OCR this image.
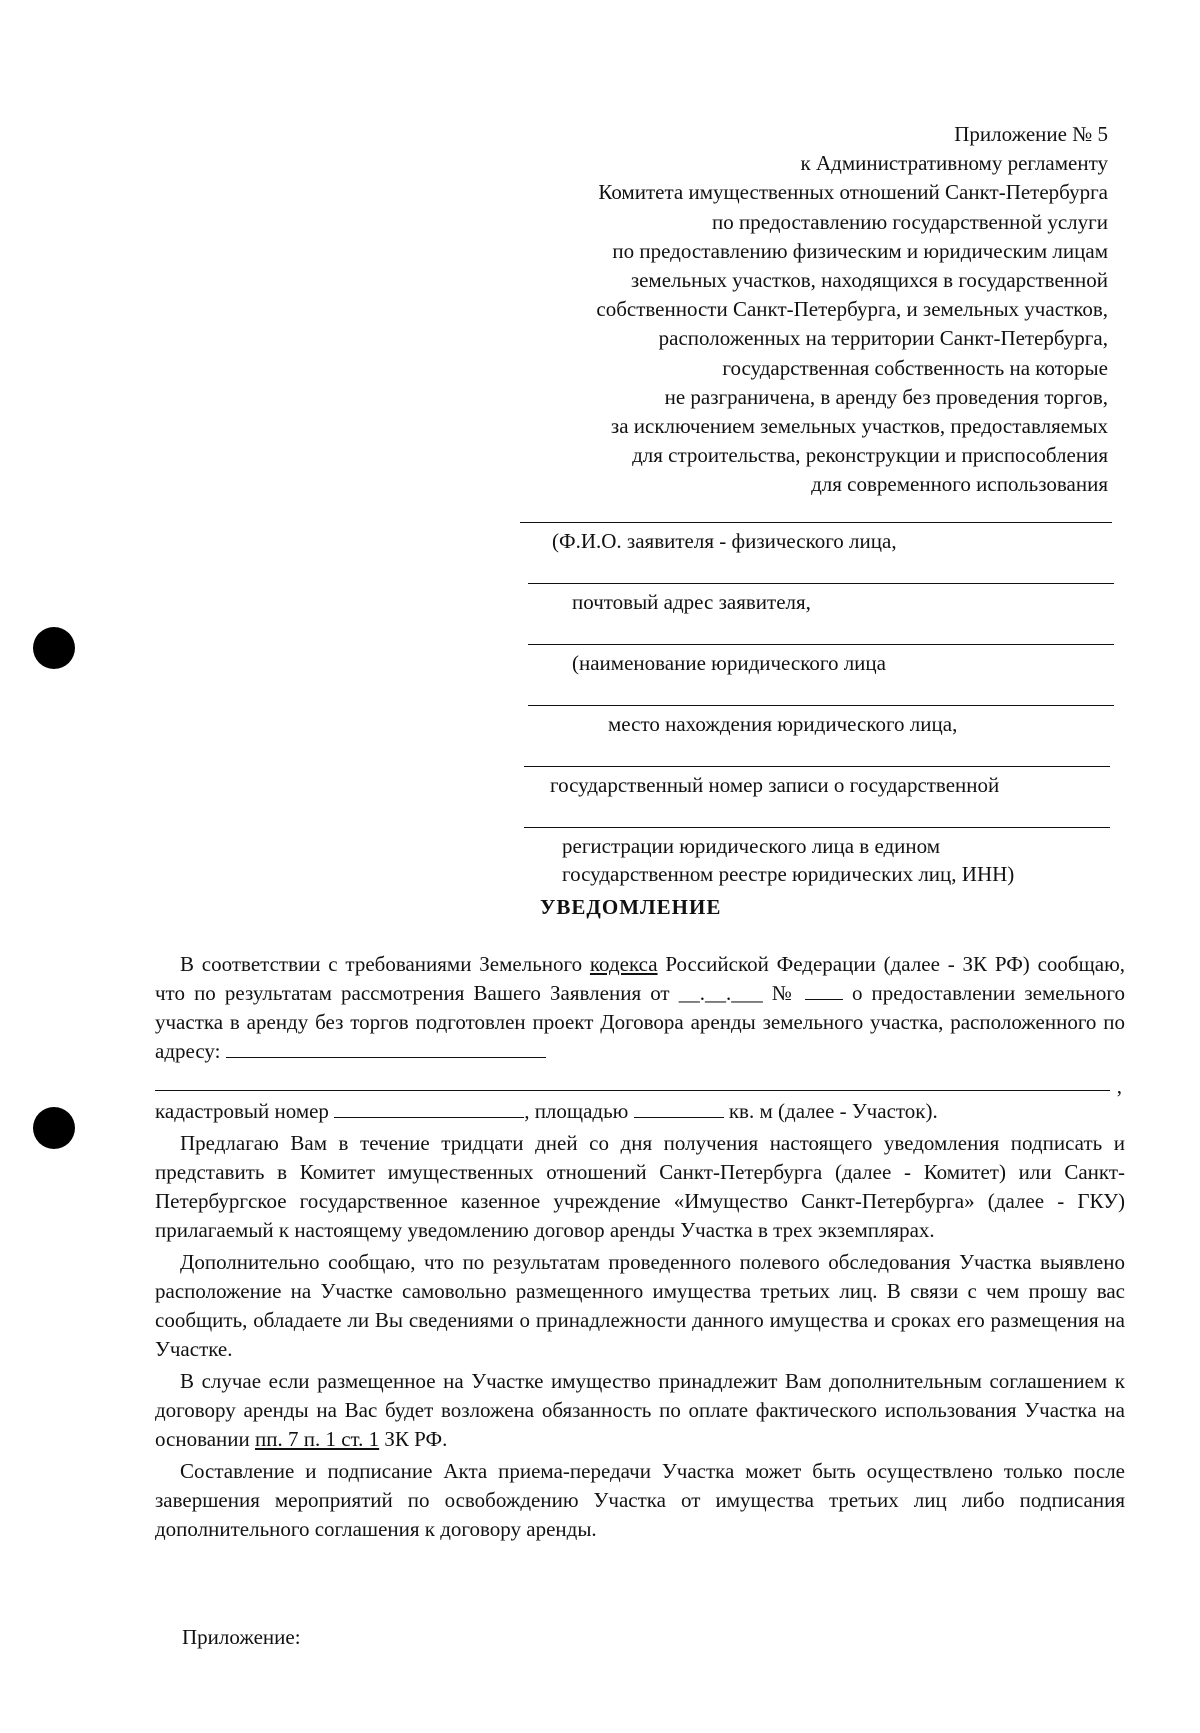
Приложение № 5
к Административному регламенту
Комитета имущественных отношений Санкт-Петербурга
по предоставлению государственной услуги
по предоставлению физическим и юридическим лицам
земельных участков, находящихся в государственной
собственности Санкт-Петербурга, и земельных участков,
расположенных на территории Санкт-Петербурга,
государственная собственность на которые
не разграничена, в аренду без проведения торгов,
за исключением земельных участков, предоставляемых
для строительства, реконструкции и приспособления
для современного использования
(Ф.И.О. заявителя - физического лица,
почтовый адрес заявителя,
(наименование юридического лица
место нахождения юридического лица,
государственный номер записи о государственной
регистрации юридического лица в едином
государственном реестре юридических лиц, ИНН)
УВЕДОМЛЕНИЕ

В соответствии с требованиями Земельного кодекса Российской Федерации (далее - ЗК РФ) сообщаю, что по результатам рассмотрения Вашего Заявления от __.__.___ №	о предоставлении земельного участка в аренду без торгов подготовлен проект Договора аренды земельного участка, расположенного по адресу:

,

кадастровый номер	, площадью	кв. м (далее - Участок).

Предлагаю Вам в течение тридцати дней со дня получения настоящего уведомления подписать и представить в Комитет имущественных отношений Санкт-Петербурга (далее - Комитет) или Санкт-Петербургское государственное казенное учреждение «Имущество Санкт-Петербурга» (далее - ГКУ) прилагаемый к настоящему уведомлению договор аренды Участка в трех экземплярах.

Дополнительно сообщаю, что по результатам проведенного полевого обследования Участка выявлено расположение на Участке самовольно размещенного имущества третьих лиц. В связи с чем прошу вас сообщить, обладаете ли Вы сведениями о принадлежности данного имущества и сроках его размещения на Участке.

В случае если размещенное на Участке имущество принадлежит Вам дополнительным соглашением к договору аренды на Вас будет возложена обязанность по оплате фактического использования Участка на основании пп. 7 п. 1 ст. 1 ЗК РФ.

Составление и подписание Акта приема-передачи Участка может быть осуществлено только после завершения мероприятий по освобождению Участка от имущества третьих лиц либо подписания дополнительного соглашения к договору аренды.

Приложение:
